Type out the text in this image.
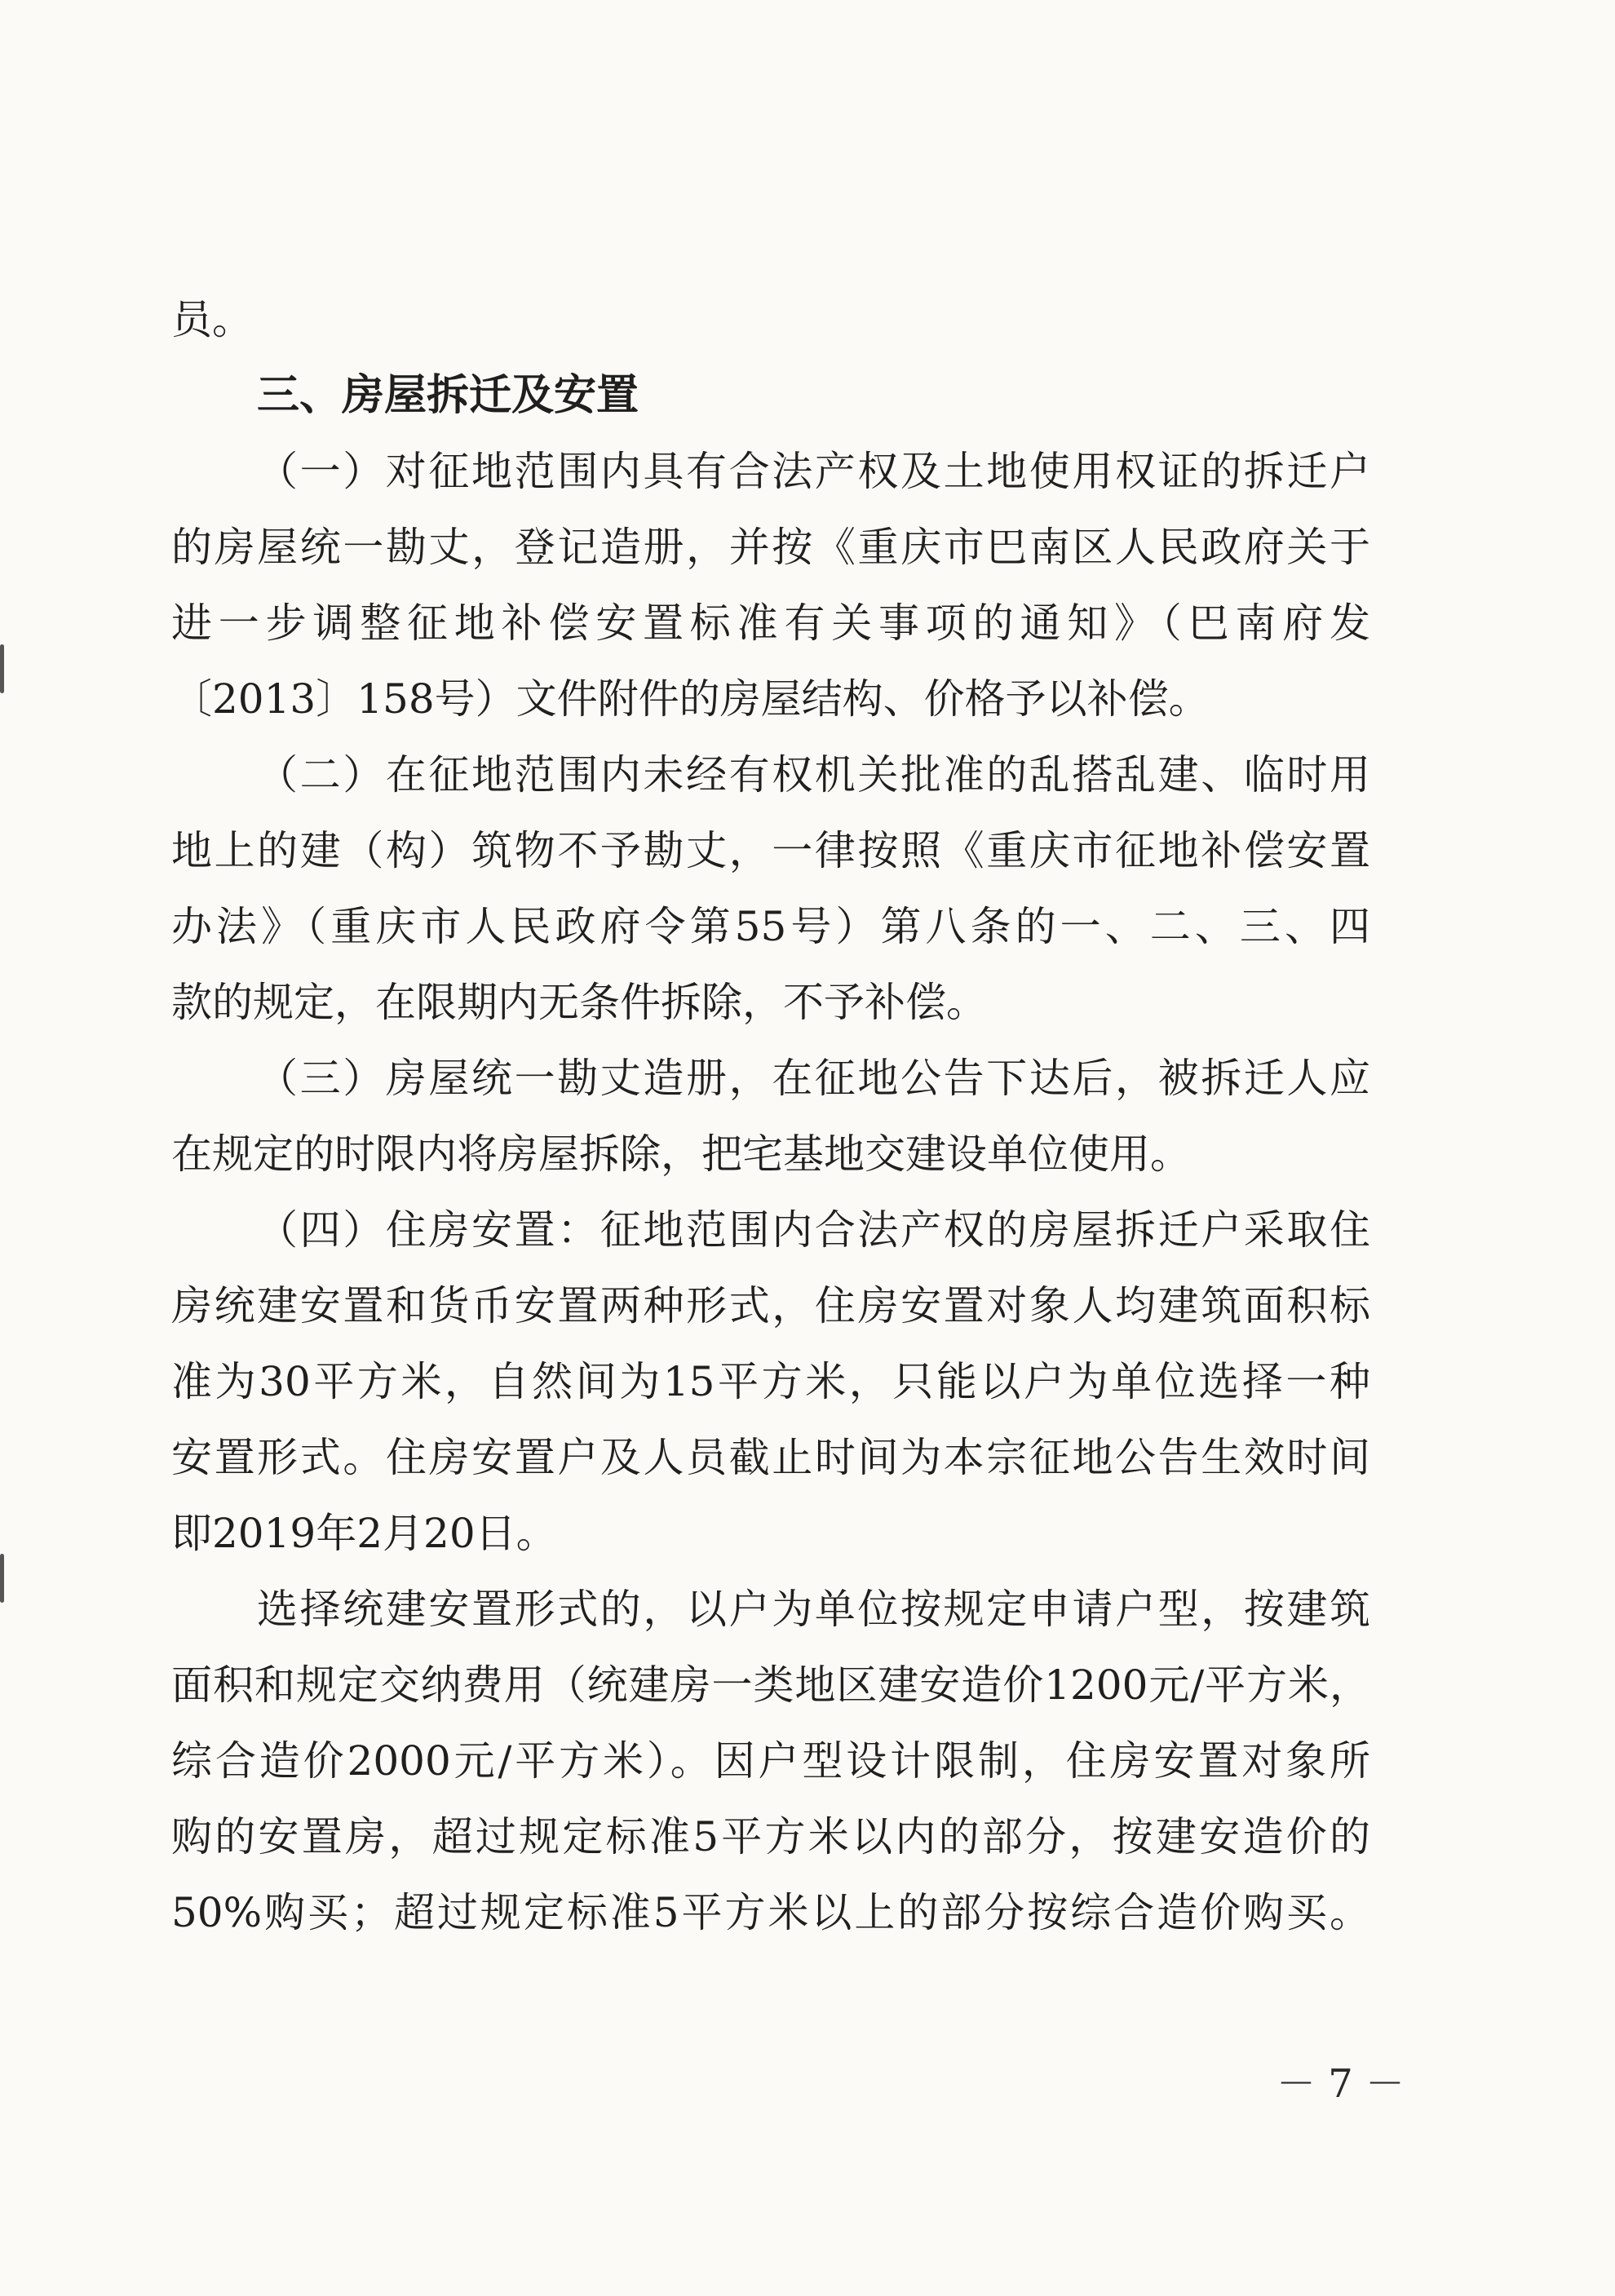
员。
三、房屋拆迁及安置
（一）对征地范围内具有合法产权及土地使用权证的拆迁户
的房屋统一勘丈，登记造册，并按《重庆市巴南区人民政府关于
进一步调整征地补偿安置标准有关事项的通知》（巴南府发
〔2013〕158号）文件附件的房屋结构、价格予以补偿。
（二）在征地范围内未经有权机关批准的乱搭乱建、临时用
地上的建（构）筑物不予勘丈，一律按照《重庆市征地补偿安置
办法》（重庆市人民政府令第55号）第八条的一、二、三、四
款的规定，在限期内无条件拆除，不予补偿。
（三）房屋统一勘丈造册，在征地公告下达后，被拆迁人应
在规定的时限内将房屋拆除，把宅基地交建设单位使用。
（四）住房安置：征地范围内合法产权的房屋拆迁户采取住
房统建安置和货币安置两种形式，住房安置对象人均建筑面积标
准为30平方米，自然间为15平方米，只能以户为单位选择一种
安置形式。住房安置户及人员截止时间为本宗征地公告生效时间
即2019年2月20日。
选择统建安置形式的，以户为单位按规定申请户型，按建筑
面积和规定交纳费用（统建房一类地区建安造价1200元/平方米，
综合造价2000元/平方米）。因户型设计限制，住房安置对象所
购的安置房，超过规定标准5平方米以内的部分，按建安造价的
50%购买；超过规定标准5平方米以上的部分按综合造价购买。
－ 7 －
